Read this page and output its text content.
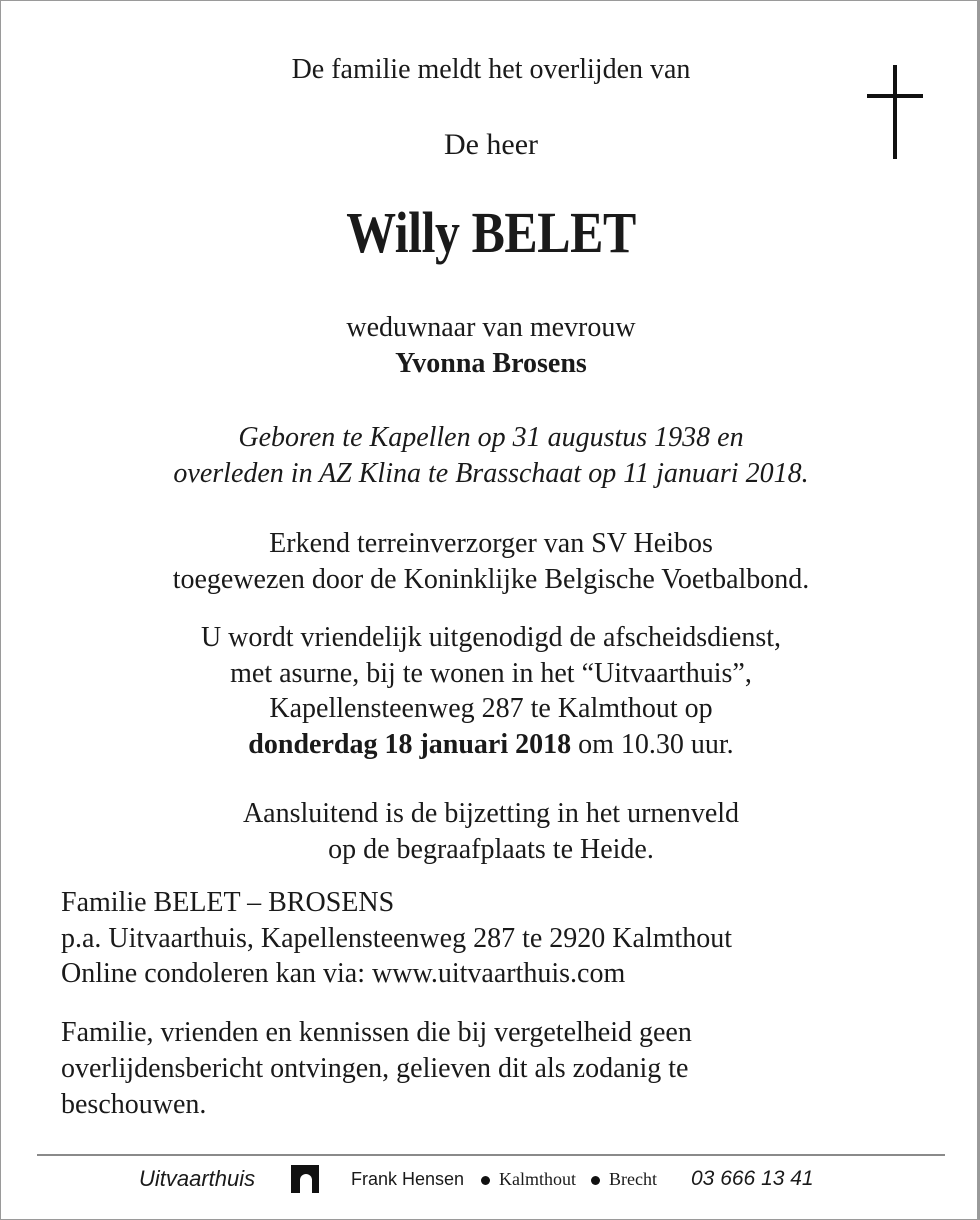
De familie meldt het overlijden van
De heer
Willy BELET
weduwnaar van mevrouw
Yvonna Brosens
Geboren te Kapellen op 31 augustus 1938 en
overleden in AZ Klina te Brasschaat op 11 januari 2018.
Erkend terreinverzorger van SV Heibos
toegewezen door de Koninklijke Belgische Voetbalbond.
U wordt vriendelijk uitgenodigd de afscheidsdienst,
met asurne, bij te wonen in het “Uitvaarthuis”,
Kapellensteenweg 287 te Kalmthout op
donderdag 18 januari 2018 om 10.30 uur.
Aansluitend is de bijzetting in het urnenveld
op de begraafplaats te Heide.
Familie BELET – BROSENS
p.a. Uitvaarthuis, Kapellensteenweg 287 te 2920 Kalmthout
Online condoleren kan via: www.uitvaarthuis.com
Familie, vrienden en kennissen die bij vergetelheid geen
overlijdensbericht ontvingen, gelieven dit als zodanig te
beschouwen.
Uitvaarthuis	Frank Hensen Kalmthout Brecht 03 666 13 41
